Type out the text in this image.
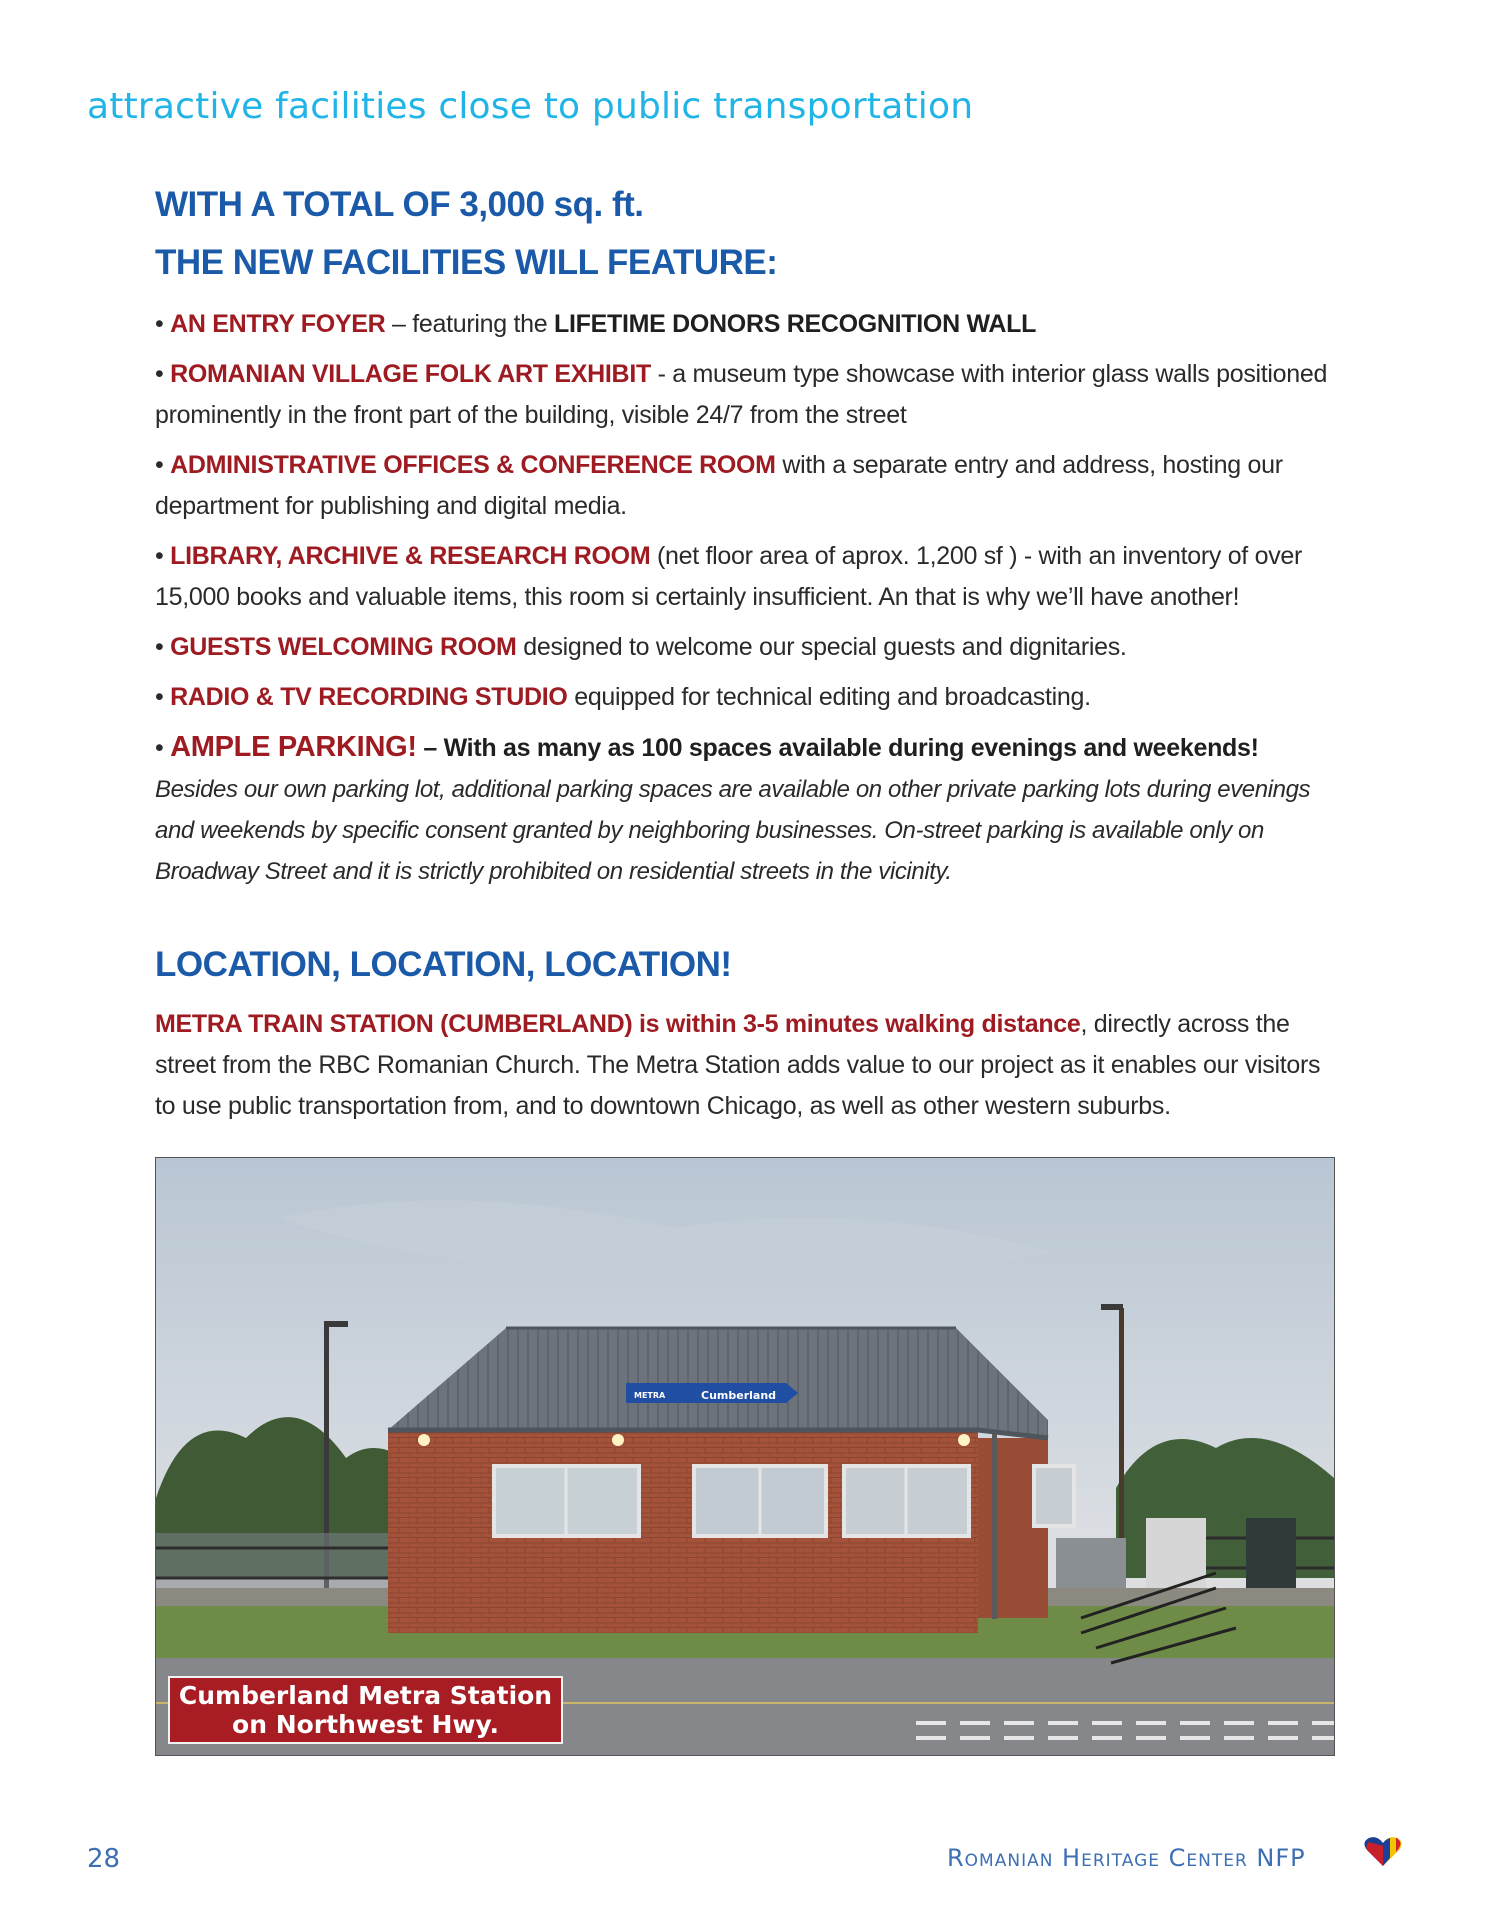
attractive facilities close to public transportation
WITH A TOTAL OF 3,000 sq. ft.
THE NEW FACILITIES WILL FEATURE:
• AN ENTRY FOYER – featuring the LIFETIME DONORS RECOGNITION WALL
• ROMANIAN VILLAGE FOLK ART EXHIBIT - a museum type showcase with interior glass walls positioned prominently in the front part of the building, visible 24/7 from the street
• ADMINISTRATIVE OFFICES & CONFERENCE ROOM with a separate entry and address, hosting our department for publishing and digital media.
• LIBRARY, ARCHIVE & RESEARCH ROOM (net floor area of aprox. 1,200 sf ) - with an inventory of over 15,000 books and valuable items, this room si certainly insufficient. An that is why we’ll have another!
• GUESTS WELCOMING ROOM designed to welcome our special guests and dignitaries.
• RADIO & TV RECORDING STUDIO equipped for technical editing and broadcasting.
• AMPLE PARKING! – With as many as 100 spaces available during evenings and weekends!
Besides our own parking lot, additional parking spaces are available on other private parking lots during evenings and weekends by specific consent granted by neighboring businesses. On-street parking is available only on Broadway Street and it is strictly prohibited on residential streets in the vicinity.
LOCATION, LOCATION, LOCATION!
METRA TRAIN STATION (CUMBERLAND) is within 3-5 minutes walking distance, directly across the street from the RBC Romanian Church. The Metra Station adds value to our project as it enables our visitors to use public transportation from, and to downtown Chicago, as well as other western suburbs.
METRA	Cumberland
Cumberland Metra Station
on Northwest Hwy.
28	Romanian Heritage Center NFP
